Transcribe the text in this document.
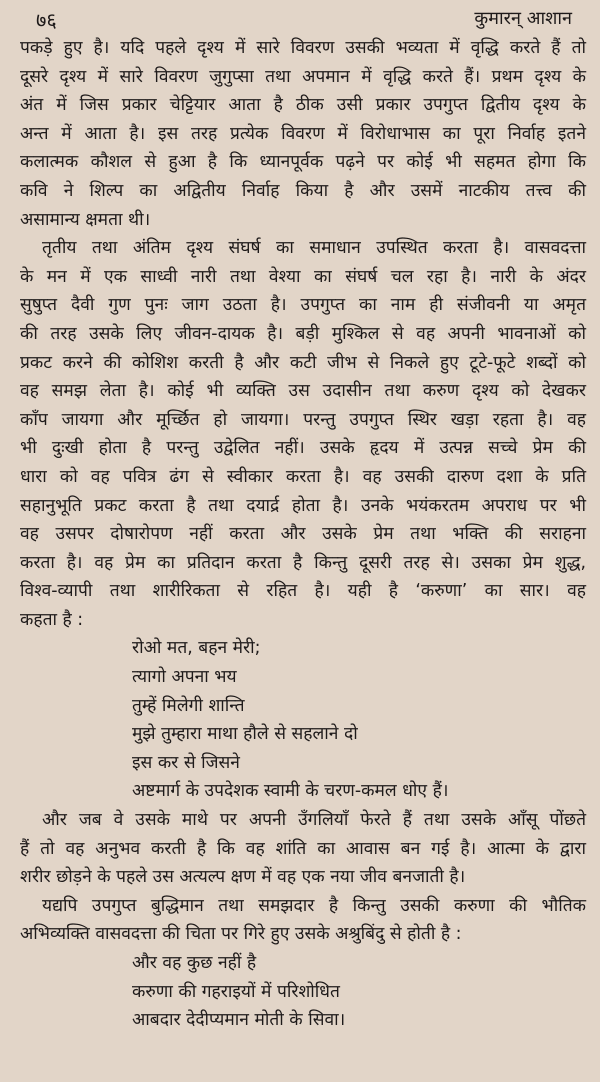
७६	कुमारन् आशान

पकड़े हुए है। यदि पहले दृश्य में सारे विवरण उसकी भव्यता में वृद्धि करते हैं तो
दूसरे दृश्य में सारे विवरण जुगुप्सा तथा अपमान में वृद्धि करते हैं। प्रथम दृश्य के
अंत में जिस प्रकार चेट्टियार आता है ठीक उसी प्रकार उपगुप्त द्वितीय दृश्य के
अन्त में आता है। इस तरह प्रत्येक विवरण में विरोधाभास का पूरा निर्वाह इतने
कलात्मक कौशल से हुआ है कि ध्यानपूर्वक पढ़ने पर कोई भी सहमत होगा कि
कवि ने शिल्प का अद्वितीय निर्वाह किया है और उसमें नाटकीय तत्त्व की
असामान्य क्षमता थी।

तृतीय तथा अंतिम दृश्य संघर्ष का समाधान उपस्थित करता है। वासवदत्ता
के मन में एक साध्वी नारी तथा वेश्या का संघर्ष चल रहा है। नारी के अंदर
सुषुप्त दैवी गुण पुनः जाग उठता है। उपगुप्त का नाम ही संजीवनी या अमृत
की तरह उसके लिए जीवन-दायक है। बड़ी मुश्किल से वह अपनी भावनाओं को
प्रकट करने की कोशिश करती है और कटी जीभ से निकले हुए टूटे-फूटे शब्दों को
वह समझ लेता है। कोई भी व्यक्ति उस उदासीन तथा करुण दृश्य को देखकर
काँप जायगा और मूर्च्छित हो जायगा। परन्तु उपगुप्त स्थिर खड़ा रहता है। वह
भी दुःखी होता है परन्तु उद्वेलित नहीं। उसके हृदय में उत्पन्न सच्चे प्रेम की
धारा को वह पवित्र ढंग से स्वीकार करता है। वह उसकी दारुण दशा के प्रति
सहानुभूति प्रकट करता है तथा दयार्द्र होता है। उनके भयंकरतम अपराध पर भी
वह उसपर दोषारोपण नहीं करता और उसके प्रेम तथा भक्ति की सराहना
करता है। वह प्रेम का प्रतिदान करता है किन्तु दूसरी तरह से। उसका प्रेम शुद्ध,
विश्व-व्यापी तथा शारीरिकता से रहित है। यही है ‘करुणा’ का सार। वह
कहता है :

रोओ मत, बहन मेरी;
त्यागो अपना भय
तुम्हें मिलेगी शान्ति
मुझे तुम्हारा माथा हौले से सहलाने दो
इस कर से जिसने
अष्टमार्ग के उपदेशक स्वामी के चरण-कमल धोए हैं।

और जब वे उसके माथे पर अपनी उँगलियाँ फेरते हैं तथा उसके आँसू पोंछते
हैं तो वह अनुभव करती है कि वह शांति का आवास बन गई है। आत्मा के द्वारा
शरीर छोड़ने के पहले उस अत्यल्प क्षण में वह एक नया जीव बनजाती है।

यद्यपि उपगुप्त बुद्धिमान तथा समझदार है किन्तु उसकी करुणा की भौतिक
अभिव्यक्ति वासवदत्ता की चिता पर गिरे हुए उसके अश्रुबिंदु से होती है :

और वह कुछ नहीं है
करुणा की गहराइयों में परिशोधित
आबदार देदीप्यमान मोती के सिवा।
